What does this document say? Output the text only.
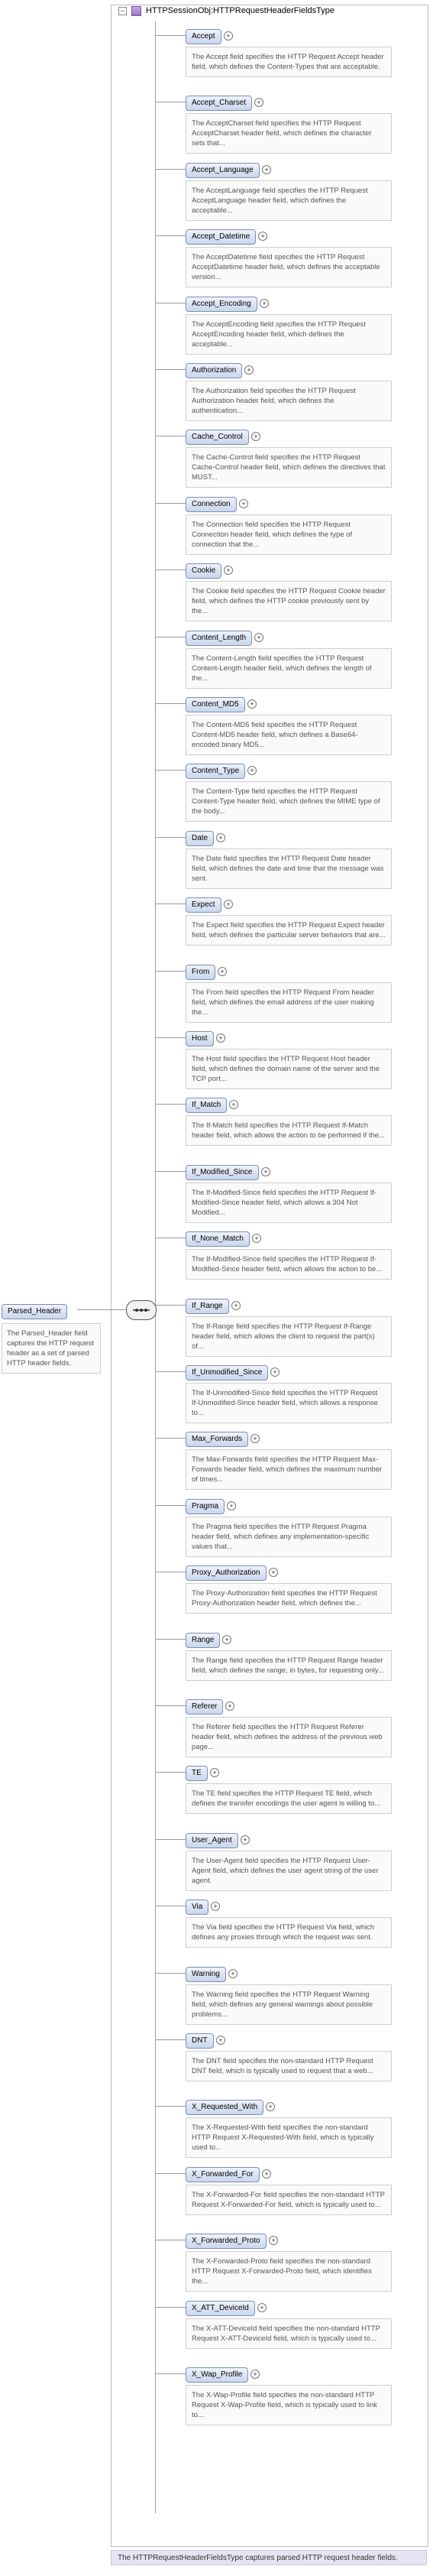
−	HTTPSessionObj:HTTPRequestHeaderFieldsType
Accept	+
The Accept field specifies the HTTP Request Accept header field, which defines the Content-Types that are acceptable.
Accept_Charset	+
The AcceptCharset field specifies the HTTP Request AcceptCharset header field, which defines the character sets that...
Accept_Language	+
The AcceptLanguage field specifies the HTTP Request AcceptLanguage header field, which defines the acceptable...
Accept_Datetime	+
The AcceptDatetime field specifies the HTTP Request AcceptDatetime header field, which defines the acceptable version...
Accept_Encoding	+
The AcceptEncoding field specifies the HTTP Request AcceptEncoding header field, which defines the acceptable...
Authorization	+
The Authorization field specifies the HTTP Request Authorization header field, which defines the authentication...
Cache_Control	+
The Cache-Control field specifies the HTTP Request Cache-Control header field, which defines the directives that MUST...
Connection	+
The Connection field specifies the HTTP Request Connection header field, which defines the type of connection that the...
Cookie	+
The Cookie field specifies the HTTP Request Cookie header field, which defines the HTTP cookie previously sent by the...
Content_Length	+
The Content-Length field specifies the HTTP Request Content-Length header field, which defines the length of the...
Content_MD5	+
The Content-MD5 field specifies the HTTP Request Content-MD5 header field, which defines a Base64-encoded binary MD5...
Content_Type	+
The Content-Type field specifies the HTTP Request Content-Type header field, which defines the MIME type of the body...
Date	+
The Date field specifies the HTTP Request Date header field, which defines the date and time that the message was sent.
Expect	+
The Expect field specifies the HTTP Request Expect header field, which defines the particular server behaviors that are...
From	+
The From field specifies the HTTP Request From header field, which defines the email address of the user making the...
Host	+
The Host field specifies the HTTP Request Host header field, which defines the domain name of the server and the TCP port...
If_Match	+
The If-Match field specifies the HTTP Request If-Match header field, which allows the action to be performed if the...
If_Modified_Since	+
The If-Modified-Since field specifies the HTTP Request If-Modified-Since header field, which allows a 304 Not Modified...
If_None_Match	+
The If-Modified-Since field specifies the HTTP Request If-Modified-Since header field, which allows the action to be...
If_Range	+
The If-Range field specifies the HTTP Request If-Range header field, which allows the client to request the part(s) of...
If_Unmodified_Since	+
The If-Unmodified-Since field specifies the HTTP Request If-Unmodified-Since header field, which allows a response to...
Max_Forwards	+
The Max-Forwards field specifies the HTTP Request Max-Forwards header field, which defines the maximum number of times...
Pragma	+
The Pragma field specifies the HTTP Request Pragma header field, which defines any implementation-specific values that...
Proxy_Authorization	+
The Proxy-Authorization field specifies the HTTP Request Proxy-Authorization header field, which defines the...
Range	+
The Range field specifies the HTTP Request Range header field, which defines the range, in bytes, for requesting only...
Referer	+
The Referer field specifies the HTTP Request Referer header field, which defines the address of the previous web page...
TE	+
The TE field specifies the HTTP Request TE field, which defines the transfer encodings the user agent is willing to...
User_Agent	+
The User-Agent field specifies the HTTP Request User-Agent field, which defines the user agent string of the user agent.
Via	+
The Via field specifies the HTTP Request Via field, which defines any proxies through which the request was sent.
Warning	+
The Warning field specifies the HTTP Request Warning field, which defines any general warnings about possible problems...
DNT	+
The DNT field specifies the non-standard HTTP Request DNT field, which is typically used to request that a web...
X_Requested_With	+
The X-Requested-With field specifies the non-standard HTTP Request X-Requested-With field, which is typically used to...
X_Forwarded_For	+
The X-Forwarded-For field specifies the non-standard HTTP Request X-Forwarded-For field, which is typically used to...
X_Forwarded_Proto	+
The X-Forwarded-Proto field specifies the non-standard HTTP Request X-Forwarded-Proto field, which identifies the...
X_ATT_DeviceId	+
The X-ATT-DeviceId field specifies the non-standard HTTP Request X-ATT-DeviceId field, which is typically used to...
X_Wap_Profile	+
The X-Wap-Profile field specifies the non-standard HTTP Request X-Wap-Profile field, which is typically used to link to...
Parsed_Header
The Parsed_Header field captures the HTTP request header as a set of parsed HTTP header fields.
The HTTPRequestHeaderFieldsType captures parsed HTTP request header fields.
